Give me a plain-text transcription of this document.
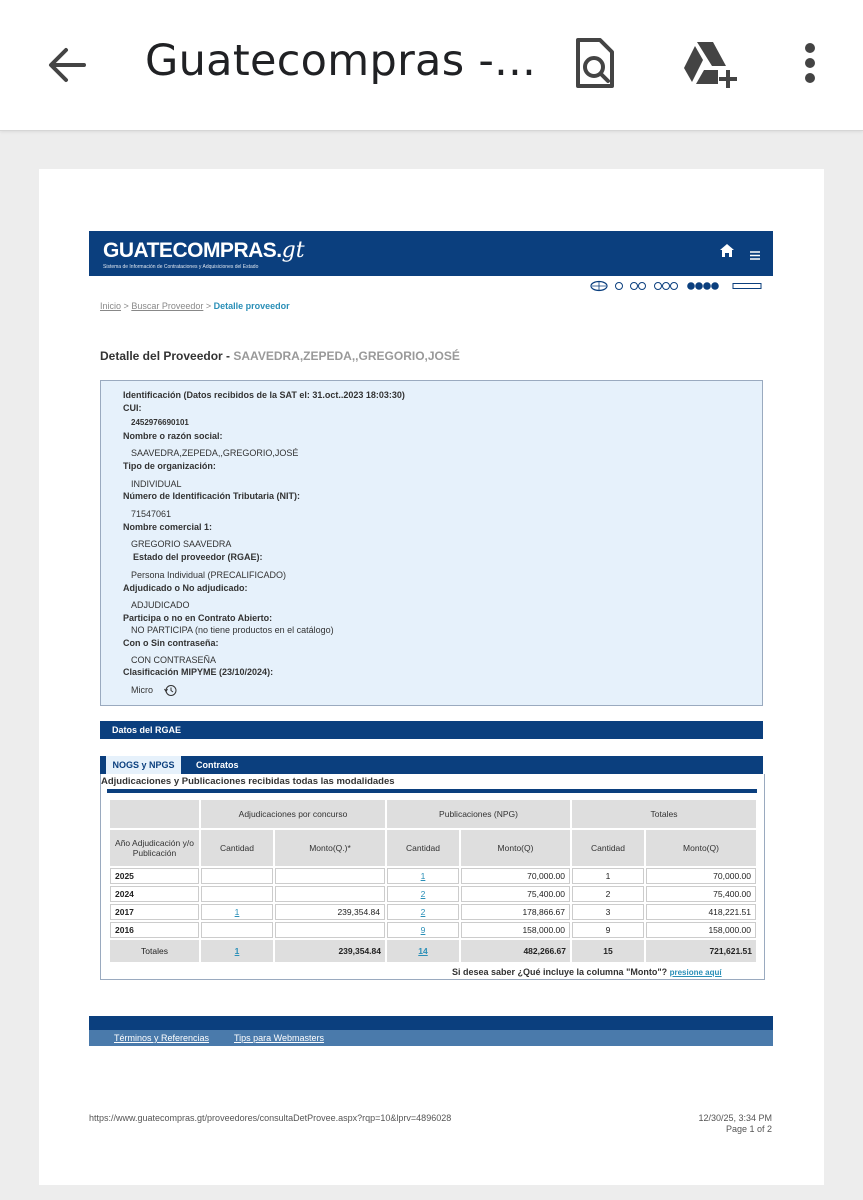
Guatecompras -...
GUATECOMPRAS.gt
Sistema de Información de Contrataciones y Adquisiciones del Estado
Inicio > Buscar Proveedor > Detalle proveedor
Detalle del Proveedor - SAAVEDRA,ZEPEDA,,GREGORIO,JOSÉ
Identificación (Datos recibidos de la SAT el: 31.oct..2023 18:03:30)
CUI:
2452976690101
Nombre o razón social:
SAAVEDRA,ZEPEDA,,GREGORIO,JOSÉ
Tipo de organización:
INDIVIDUAL
Número de Identificación Tributaria (NIT):
71547061
Nombre comercial 1:
GREGORIO SAAVEDRA
Estado del proveedor (RGAE):
Persona Individual (PRECALIFICADO)
Adjudicado o No adjudicado:
ADJUDICADO
Participa o no en Contrato Abierto:
NO PARTICIPA (no tiene productos en el catálogo)
Con o Sin contraseña:
CON CONTRASEÑA
Clasificación MIPYME (23/10/2024):
Micro
Datos del RGAE
NOGS y NPGS	Contratos
Adjudicaciones y Publicaciones recibidas todas las modalidades
	Adjudicaciones por concurso		Publicaciones (NPG)		Totales	
Año Adjudicación y/o Publicación	Cantidad	Monto(Q.)*	Cantidad	Monto(Q)	Cantidad	Monto(Q)
2025			1	70,000.00	1	70,000.00
2024			2	75,400.00	2	75,400.00
2017	1	239,354.84	2	178,866.67	3	418,221.51
2016			9	158,000.00	9	158,000.00
Totales	1	239,354.84	14	482,266.67	15	721,621.51
Si desea saber ¿Qué incluye la columna "Monto"? presione aquí
Términos y Referencias	Tips para Webmasters
https://www.guatecompras.gt/proveedores/consultaDetProvee.aspx?rqp=10&lprv=4896028	12/30/25, 3:34 PM
Page 1 of 2
